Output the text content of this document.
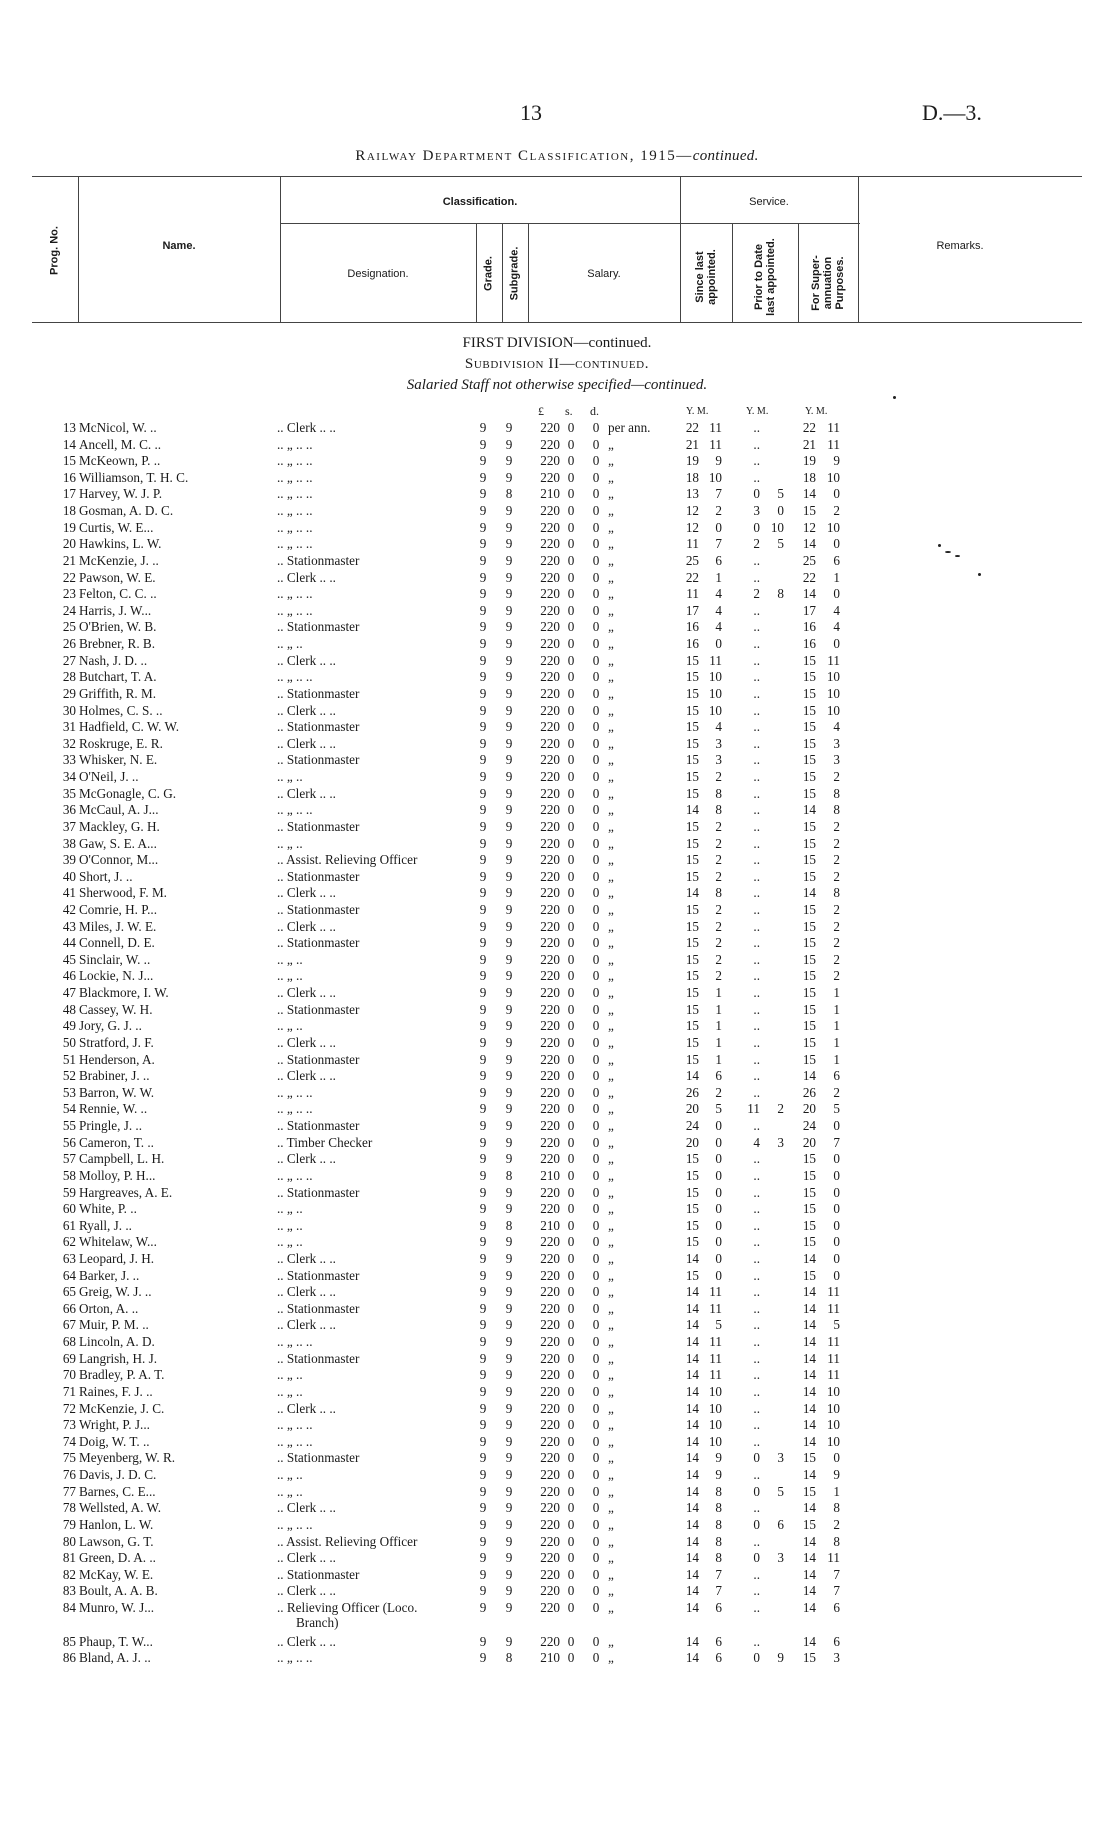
13	D.—3.
Railway Department Classification, 1915—continued.
Prog. No.	Name.
Classification.
Designation.	Grade. Subgrade.	Salary.
Service.
Since last appointed.	Prior to Date last appointed.	For Super-annuation Purposes.
Remarks.
FIRST DIVISION—continued.
Subdivision II—continued.
Salaried Staff not otherwise specified—continued.
£ s. d.	Y. M.	Y. M.	Y. M.
13 McNicol, W. ..	.. Clerk .. ..	9 9	220 0	0 per ann.	22 11	..	22 11
14 Ancell, M. C. ..	.. „ .. ..	9 9	220 0	0 „	21 11	..	21 11
15 McKeown, P. ..	.. „ .. ..	9 9	220 0	0 „	19	9	..	19	9
16 Williamson, T. H. C.	.. „ .. ..	9 9	220 0	0 „	18 10	..	18 10
17 Harvey, W. J. P.	.. „ .. ..	9 8	210 0	0 „	13	7	0	5	14	0
18 Gosman, A. D. C.	.. „ .. ..	9 9	220 0	0 „	12	2	3	0	15	2
19 Curtis, W. E...	.. „ .. ..	9 9	220 0	0 „	12	0	0 10	12 10
20 Hawkins, L. W.	.. „ .. ..	9 9	220 0	0 „	11	7	2	5	14	0
21 McKenzie, J. ..	.. Stationmaster	9 9	220 0	0 „	25	6	..	25	6
22 Pawson, W. E.	.. Clerk .. ..	9 9	220 0	0 „	22	1	..	22	1
23 Felton, C. C. ..	.. „ .. ..	9 9	220 0	0 „	11	4	2	8	14	0
24 Harris, J. W...	.. „ .. ..	9 9	220 0	0 „	17	4	..	17	4
25 O'Brien, W. B.	.. Stationmaster	9 9	220 0	0 „	16	4	..	16	4
26 Brebner, R. B.	.. „ ..	9 9	220 0	0 „	16	0	..	16	0
27 Nash, J. D. ..	.. Clerk .. ..	9 9	220 0	0 „	15 11	..	15 11
28 Butchart, T. A.	.. „ .. ..	9 9	220 0	0 „	15 10	..	15 10
29 Griffith, R. M.	.. Stationmaster	9 9	220 0	0 „	15 10	..	15 10
30 Holmes, C. S. ..	.. Clerk .. ..	9 9	220 0	0 „	15 10	..	15 10
31 Hadfield, C. W. W.	.. Stationmaster	9 9	220 0	0 „	15	4	..	15	4
32 Roskruge, E. R.	.. Clerk .. ..	9 9	220 0	0 „	15	3	..	15	3
33 Whisker, N. E.	.. Stationmaster	9 9	220 0	0 „	15	3	..	15	3
34 O'Neil, J. ..	.. „ ..	9 9	220 0	0 „	15	2	..	15	2
35 McGonagle, C. G.	.. Clerk .. ..	9 9	220 0	0 „	15	8	..	15	8
36 McCaul, A. J...	.. „ .. ..	9 9	220 0	0 „	14	8	..	14	8
37 Mackley, G. H.	.. Stationmaster	9 9	220 0	0 „	15	2	..	15	2
38 Gaw, S. E. A...	.. „ ..	9 9	220 0	0 „	15	2	..	15	2
39 O'Connor, M...	.. Assist. Relieving Officer	9 9	220 0	0 „	15	2	..	15	2
40 Short, J. ..	.. Stationmaster	9 9	220 0	0 „	15	2	..	15	2
41 Sherwood, F. M.	.. Clerk .. ..	9 9	220 0	0 „	14	8	..	14	8
42 Comrie, H. P...	.. Stationmaster	9 9	220 0	0 „	15	2	..	15	2
43 Miles, J. W. E.	.. Clerk .. ..	9 9	220 0	0 „	15	2	..	15	2
44 Connell, D. E.	.. Stationmaster	9 9	220 0	0 „	15	2	..	15	2
45 Sinclair, W. ..	.. „ ..	9 9	220 0	0 „	15	2	..	15	2
46 Lockie, N. J...	.. „ ..	9 9	220 0	0 „	15	2	..	15	2
47 Blackmore, I. W.	.. Clerk .. ..	9 9	220 0	0 „	15	1	..	15	1
48 Cassey, W. H.	.. Stationmaster	9 9	220 0	0 „	15	1	..	15	1
49 Jory, G. J. ..	.. „ ..	9 9	220 0	0 „	15	1	..	15	1
50 Stratford, J. F.	.. Clerk .. ..	9 9	220 0	0 „	15	1	..	15	1
51 Henderson, A.	.. Stationmaster	9 9	220 0	0 „	15	1	..	15	1
52 Brabiner, J. ..	.. Clerk .. ..	9 9	220 0	0 „	14	6	..	14	6
53 Barron, W. W.	.. „ .. ..	9 9	220 0	0 „	26	2	..	26	2
54 Rennie, W. ..	.. „ .. ..	9 9	220 0	0 „	20	5	11	2	20	5
55 Pringle, J. ..	.. Stationmaster	9 9	220 0	0 „	24	0	..	24	0
56 Cameron, T. ..	.. Timber Checker	9 9	220 0	0 „	20	0	4	3	20	7
57 Campbell, L. H.	.. Clerk .. ..	9 9	220 0	0 „	15	0	..	15	0
58 Molloy, P. H...	.. „ .. ..	9 8	210 0	0 „	15	0	..	15	0
59 Hargreaves, A. E.	.. Stationmaster	9 9	220 0	0 „	15	0	..	15	0
60 White, P. ..	.. „ ..	9 9	220 0	0 „	15	0	..	15	0
61 Ryall, J. ..	.. „ ..	9 8	210 0	0 „	15	0	..	15	0
62 Whitelaw, W...	.. „ ..	9 9	220 0	0 „	15	0	..	15	0
63 Leopard, J. H.	.. Clerk .. ..	9 9	220 0	0 „	14	0	..	14	0
64 Barker, J. ..	.. Stationmaster	9 9	220 0	0 „	15	0	..	15	0
65 Greig, W. J. ..	.. Clerk .. ..	9 9	220 0	0 „	14 11	..	14 11
66 Orton, A. ..	.. Stationmaster	9 9	220 0	0 „	14 11	..	14 11
67 Muir, P. M. ..	.. Clerk .. ..	9 9	220 0	0 „	14	5	..	14	5
68 Lincoln, A. D.	.. „ .. ..	9 9	220 0	0 „	14 11	..	14 11
69 Langrish, H. J.	.. Stationmaster	9 9	220 0	0 „	14 11	..	14 11
70 Bradley, P. A. T.	.. „ ..	9 9	220 0	0 „	14 11	..	14 11
71 Raines, F. J. ..	.. „ ..	9 9	220 0	0 „	14 10	..	14 10
72 McKenzie, J. C.	.. Clerk .. ..	9 9	220 0	0 „	14 10	..	14 10
73 Wright, P. J...	.. „ .. ..	9 9	220 0	0 „	14 10	..	14 10
74 Doig, W. T. ..	.. „ .. ..	9 9	220 0	0 „	14 10	..	14 10
75 Meyenberg, W. R.	.. Stationmaster	9 9	220 0	0 „	14	9	0	3	15	0
76 Davis, J. D. C.	.. „ ..	9 9	220 0	0 „	14	9	..	14	9
77 Barnes, C. E...	.. „ ..	9 9	220 0	0 „	14	8	0	5	15	1
78 Wellsted, A. W.	.. Clerk .. ..	9 9	220 0	0 „	14	8	..	14	8
79 Hanlon, L. W.	.. „ .. ..	9 9	220 0	0 „	14	8	0	6	15	2
80 Lawson, G. T.	.. Assist. Relieving Officer	9 9	220 0	0 „	14	8	..	14	8
81 Green, D. A. ..	.. Clerk .. ..	9 9	220 0	0 „	14	8	0	3	14 11
82 McKay, W. E.	.. Stationmaster	9 9	220 0	0 „	14	7	..	14	7
83 Boult, A. A. B.	.. Clerk .. ..	9 9	220 0	0 „	14	7	..	14	7
84 Munro, W. J...	.. Relieving Officer (Loco.	9 9	220 0	0 „	14	6	..	14	6
Branch)
85 Phaup, T. W...	.. Clerk .. ..	9 9	220 0	0 „	14	6	..	14	6
86 Bland, A. J. ..	.. „ .. ..	9 8	210 0	0 „	14	6	0	9	15	3
